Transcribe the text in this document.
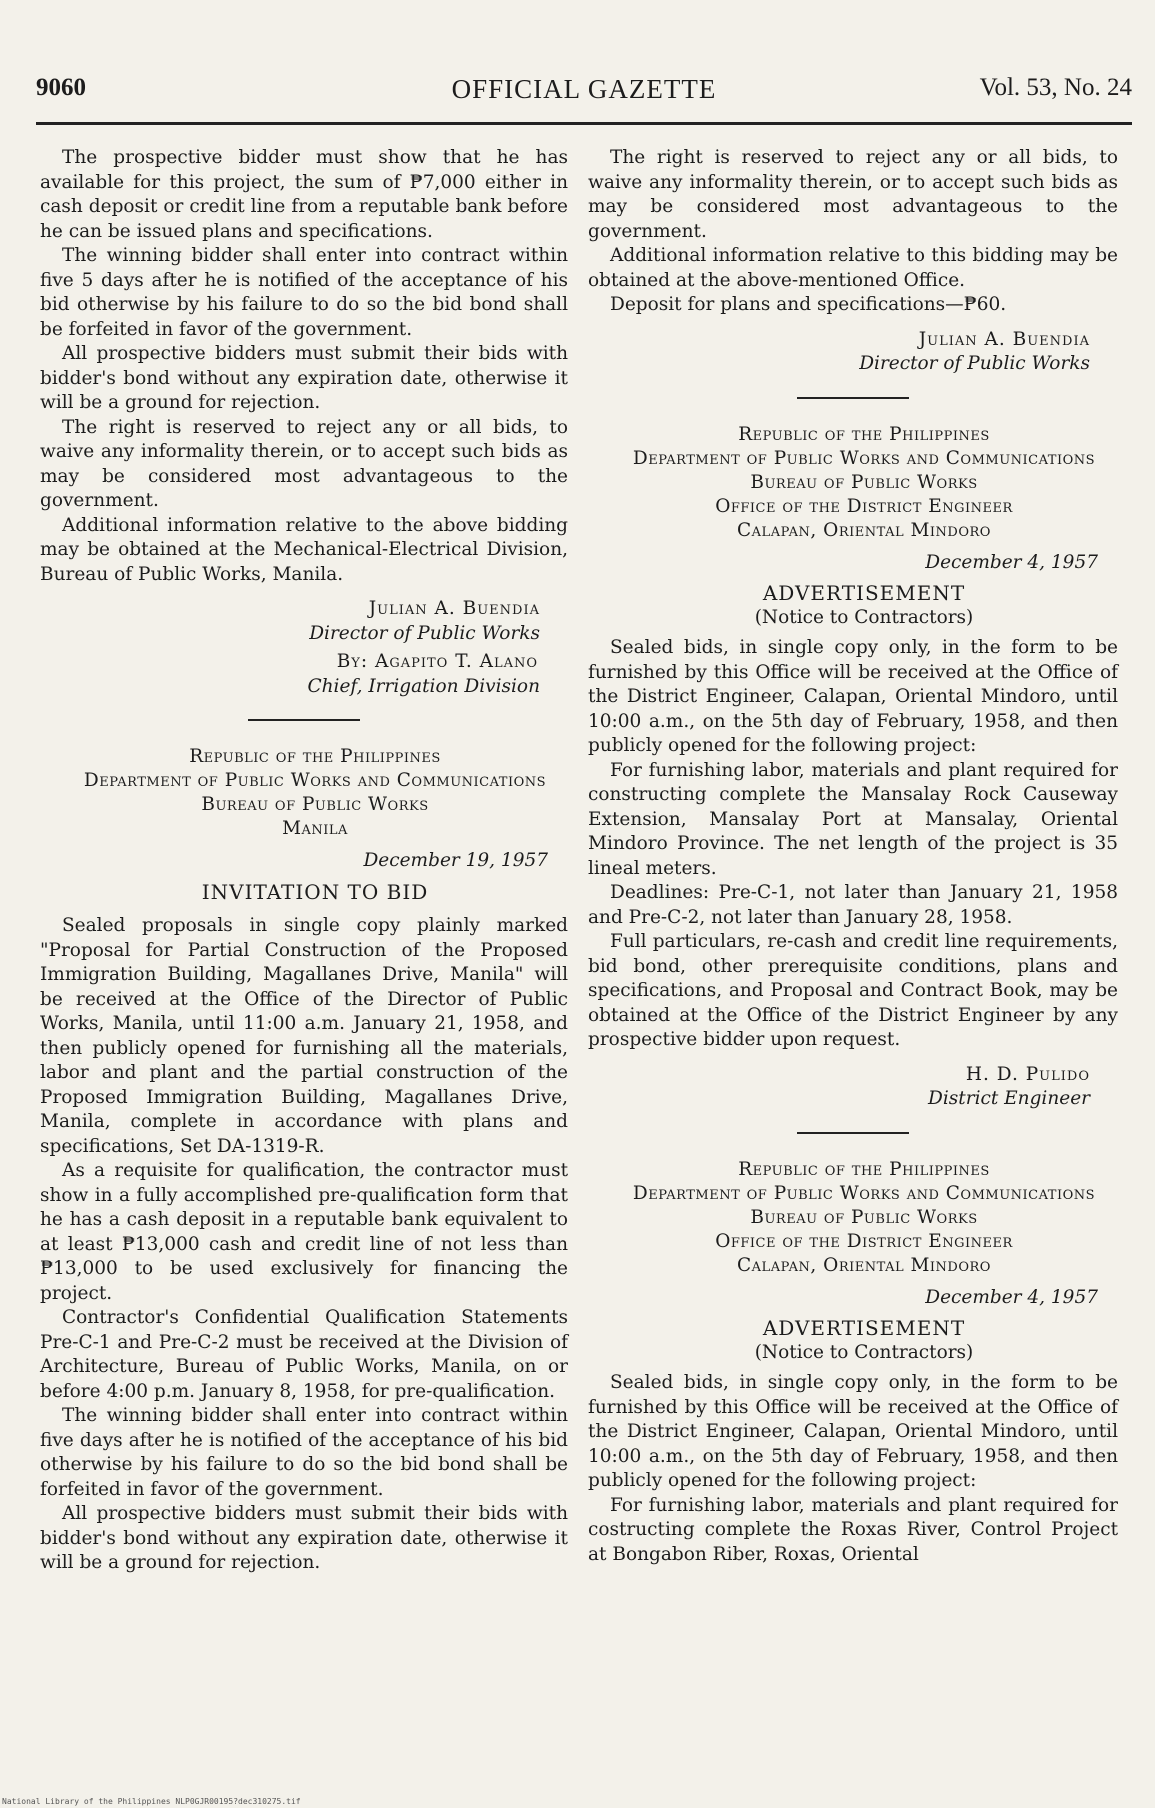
9060	OFFICIAL GAZETTE	Vol. 53, No. 24

The prospective bidder must show that he has available for this project, the sum of ₱7,000 either in cash deposit or credit line from a reputable bank before he can be issued plans and specifications.

The winning bidder shall enter into contract within five 5 days after he is notified of the acceptance of his bid otherwise by his failure to do so the bid bond shall be forfeited in favor of the government.

All prospective bidders must submit their bids with bidder's bond without any expiration date, otherwise it will be a ground for rejection.

The right is reserved to reject any or all bids, to waive any informality therein, or to accept such bids as may be considered most advantageous to the government.

Additional information relative to the above bidding may be obtained at the Mechanical-Electrical Division, Bureau of Public Works, Manila.

Julian A. Buendia

Director of Public Works

By: Agapito T. Alano

Chief, Irrigation Division

Republic of the Philippines

Department of Public Works and Communications

Bureau of Public Works

Manila

December 19, 1957

INVITATION TO BID

Sealed proposals in single copy plainly marked "Proposal for Partial Construction of the Proposed Immigration Building, Magallanes Drive, Manila" will be received at the Office of the Director of Public Works, Manila, until 11:00 a.m. January 21, 1958, and then publicly opened for furnishing all the materials, labor and plant and the partial construction of the Proposed Immigration Building, Magallanes Drive, Manila, complete in accordance with plans and specifications, Set DA-1319-R.

As a requisite for qualification, the contractor must show in a fully accomplished pre-qualification form that he has a cash deposit in a reputable bank equivalent to at least ₱13,000 cash and credit line of not less than ₱13,000 to be used exclusively for financing the project.

Contractor's Confidential Qualification Statements Pre-C-1 and Pre-C-2 must be received at the Division of Architecture, Bureau of Public Works, Manila, on or before 4:00 p.m. January 8, 1958, for pre-qualification.

The winning bidder shall enter into contract within five days after he is notified of the acceptance of his bid otherwise by his failure to do so the bid bond shall be forfeited in favor of the government.

All prospective bidders must submit their bids with bidder's bond without any expiration date, otherwise it will be a ground for rejection.

The right is reserved to reject any or all bids, to waive any informality therein, or to accept such bids as may be considered most advantageous to the government.

Additional information relative to this bidding may be obtained at the above-mentioned Office.

Deposit for plans and specifications—₱60.

Julian A. Buendia

Director of Public Works

Republic of the Philippines

Department of Public Works and Communications

Bureau of Public Works

Office of the District Engineer

Calapan, Oriental Mindoro

December 4, 1957

ADVERTISEMENT

(Notice to Contractors)

Sealed bids, in single copy only, in the form to be furnished by this Office will be received at the Office of the District Engineer, Calapan, Oriental Mindoro, until 10:00 a.m., on the 5th day of February, 1958, and then publicly opened for the following project:

For furnishing labor, materials and plant required for constructing complete the Mansalay Rock Causeway Extension, Mansalay Port at Mansalay, Oriental Mindoro Province. The net length of the project is 35 lineal meters.

Deadlines: Pre-C-1, not later than January 21, 1958 and Pre-C-2, not later than January 28, 1958.

Full particulars, re-cash and credit line requirements, bid bond, other prerequisite conditions, plans and specifications, and Proposal and Contract Book, may be obtained at the Office of the District Engineer by any prospective bidder upon request.

H. D. Pulido

District Engineer

Republic of the Philippines

Department of Public Works and Communications

Bureau of Public Works

Office of the District Engineer

Calapan, Oriental Mindoro

December 4, 1957

ADVERTISEMENT

(Notice to Contractors)

Sealed bids, in single copy only, in the form to be furnished by this Office will be received at the Office of the District Engineer, Calapan, Oriental Mindoro, until 10:00 a.m., on the 5th day of February, 1958, and then publicly opened for the following project:

For furnishing labor, materials and plant required for costructing complete the Roxas River, Control Project at Bongabon Riber, Roxas, Oriental

National Library of the Philippines NLP0GJR00195?dec310275.tif
